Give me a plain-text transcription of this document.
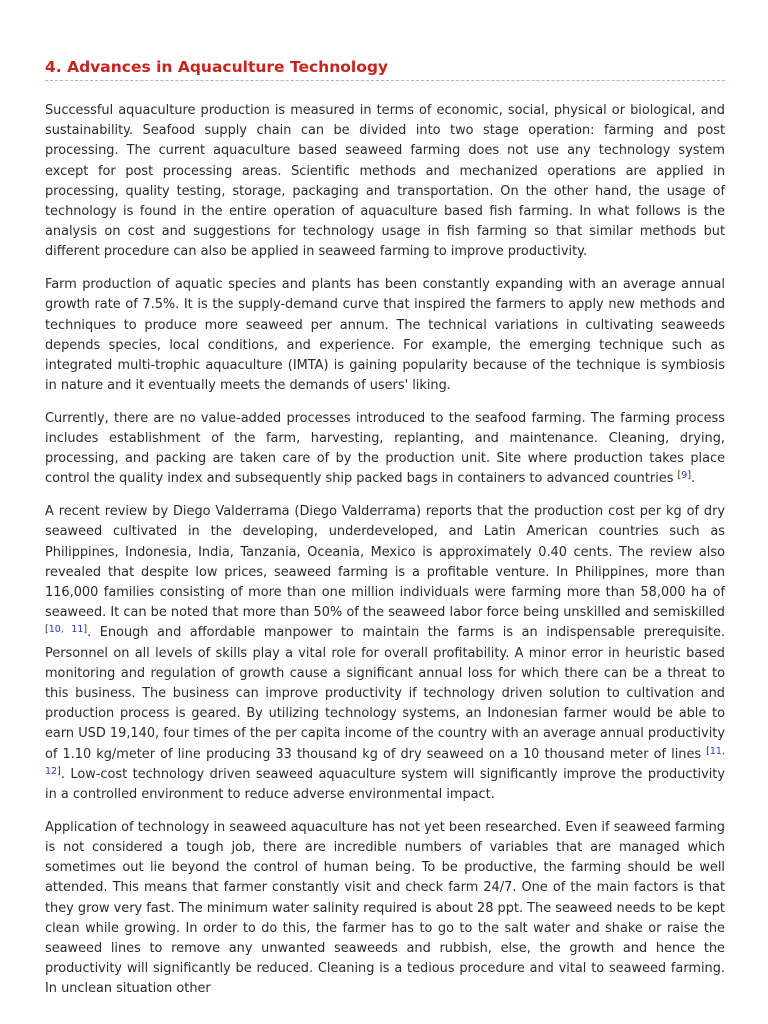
4. Advances in Aquaculture Technology

Successful aquaculture production is measured in terms of economic, social, physical or biological, and sustainability. Seafood supply chain can be divided into two stage operation: farming and post processing. The current aquaculture based seaweed farming does not use any technology system except for post processing areas. Scientific methods and mechanized operations are applied in processing, quality testing, storage, packaging and transportation. On the other hand, the usage of technology is found in the entire operation of aquaculture based fish farming. In what follows is the analysis on cost and suggestions for technology usage in fish farming so that similar methods but different procedure can also be applied in seaweed farming to improve productivity.

Farm production of aquatic species and plants has been constantly expanding with an average annual growth rate of 7.5%. It is the supply-demand curve that inspired the farmers to apply new methods and techniques to produce more seaweed per annum. The technical variations in cultivating seaweeds depends species, local conditions, and experience. For example, the emerging technique such as integrated multi-trophic aquaculture (IMTA) is gaining popularity because of the technique is symbiosis in nature and it eventually meets the demands of users' liking.

Currently, there are no value-added processes introduced to the seafood farming. The farming process includes establishment of the farm, harvesting, replanting, and maintenance. Cleaning, drying, processing, and packing are taken care of by the production unit. Site where production takes place control the quality index and subsequently ship packed bags in containers to advanced countries [9].

A recent review by Diego Valderrama (Diego Valderrama) reports that the production cost per kg of dry seaweed cultivated in the developing, underdeveloped, and Latin American countries such as Philippines, Indonesia, India, Tanzania, Oceania, Mexico is approximately 0.40 cents. The review also revealed that despite low prices, seaweed farming is a profitable venture. In Philippines, more than 116,000 families consisting of more than one million individuals were farming more than 58,000 ha of seaweed. It can be noted that more than 50% of the seaweed labor force being unskilled and semiskilled [10, 11]. Enough and affordable manpower to maintain the farms is an indispensable prerequisite. Personnel on all levels of skills play a vital role for overall profitability. A minor error in heuristic based monitoring and regulation of growth cause a significant annual loss for which there can be a threat to this business. The business can improve productivity if technology driven solution to cultivation and production process is geared. By utilizing technology systems, an Indonesian farmer would be able to earn USD 19,140, four times of the per capita income of the country with an average annual productivity of 1.10 kg/meter of line producing 33 thousand kg of dry seaweed on a 10 thousand meter of lines [11, 12]. Low-cost technology driven seaweed aquaculture system will significantly improve the productivity in a controlled environment to reduce adverse environmental impact.

Application of technology in seaweed aquaculture has not yet been researched. Even if seaweed farming is not considered a tough job, there are incredible numbers of variables that are managed which sometimes out lie beyond the control of human being. To be productive, the farming should be well attended. This means that farmer constantly visit and check farm 24/7. One of the main factors is that they grow very fast. The minimum water salinity required is about 28 ppt. The seaweed needs to be kept clean while growing. In order to do this, the farmer has to go to the salt water and shake or raise the seaweed lines to remove any unwanted seaweeds and rubbish, else, the growth and hence the productivity will significantly be reduced. Cleaning is a tedious procedure and vital to seaweed farming. In unclean situation other
